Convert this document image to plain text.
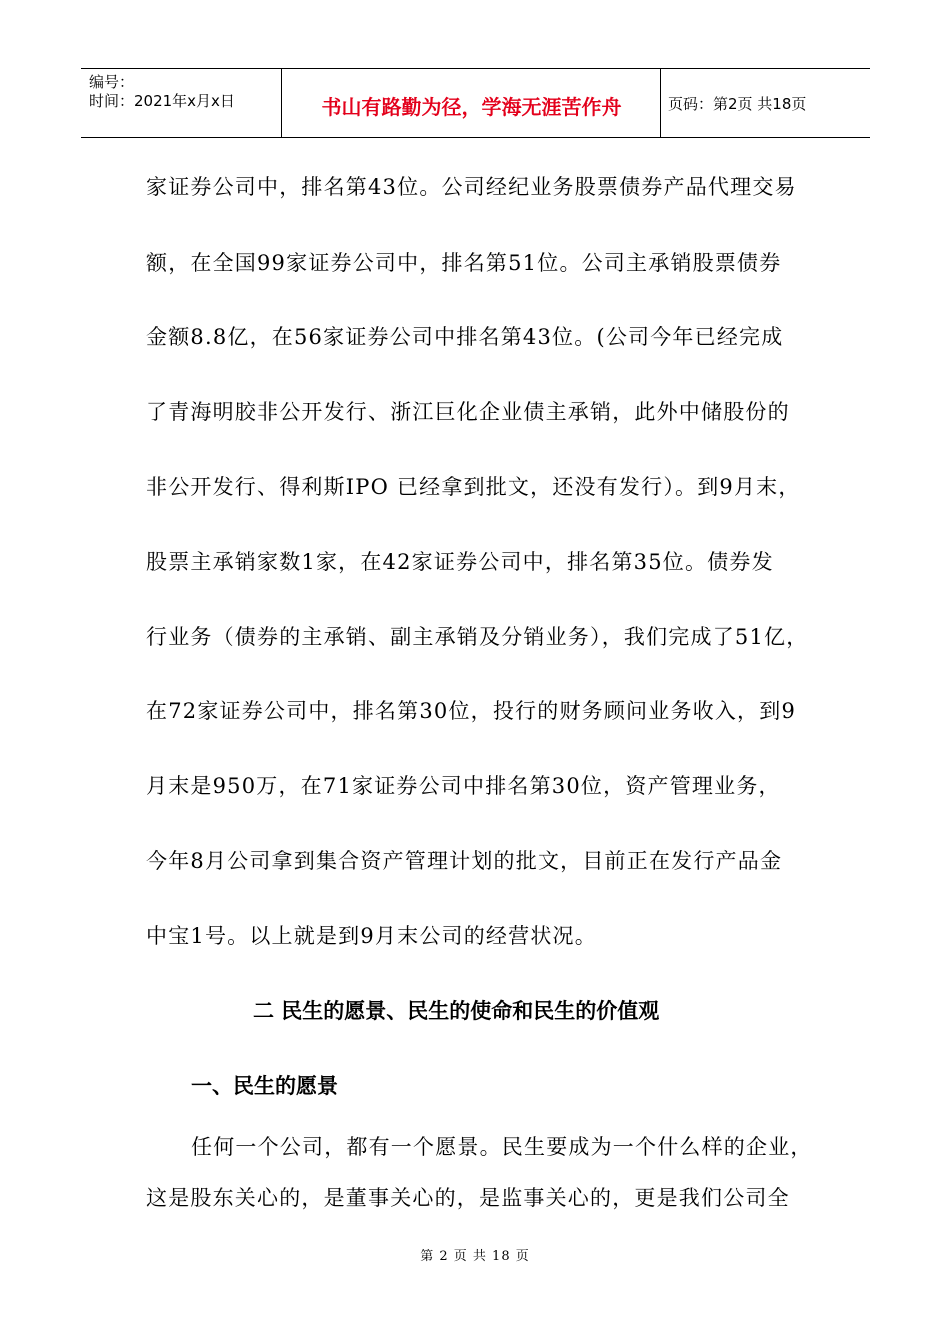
编号：
时间：2021年x月x日	书山有路勤为径，学海无涯苦作舟	页码：第2页 共18页
家证券公司中，排名第43位。公司经纪业务股票债券产品代理交易
额，在全国99家证券公司中，排名第51位。公司主承销股票债券
金额8.8亿，在56家证券公司中排名第43位。(公司今年已经完成
了青海明胶非公开发行、浙江巨化企业债主承销，此外中储股份的
非公开发行、得利斯IPO 已经拿到批文，还没有发行）。到9月末，
股票主承销家数1家，在42家证券公司中，排名第35位。债券发
行业务（债券的主承销、副主承销及分销业务），我们完成了51亿，
在72家证券公司中，排名第30位，投行的财务顾问业务收入，到9
月末是950万，在71家证券公司中排名第30位，资产管理业务，
今年8月公司拿到集合资产管理计划的批文，目前正在发行产品金
中宝1号。以上就是到9月末公司的经营状况。
二 民生的愿景、民生的使命和民生的价值观
一、民生的愿景
任何一个公司，都有一个愿景。民生要成为一个什么样的企业，
这是股东关心的，是董事关心的，是监事关心的，更是我们公司全
第 2 页 共 18 页
